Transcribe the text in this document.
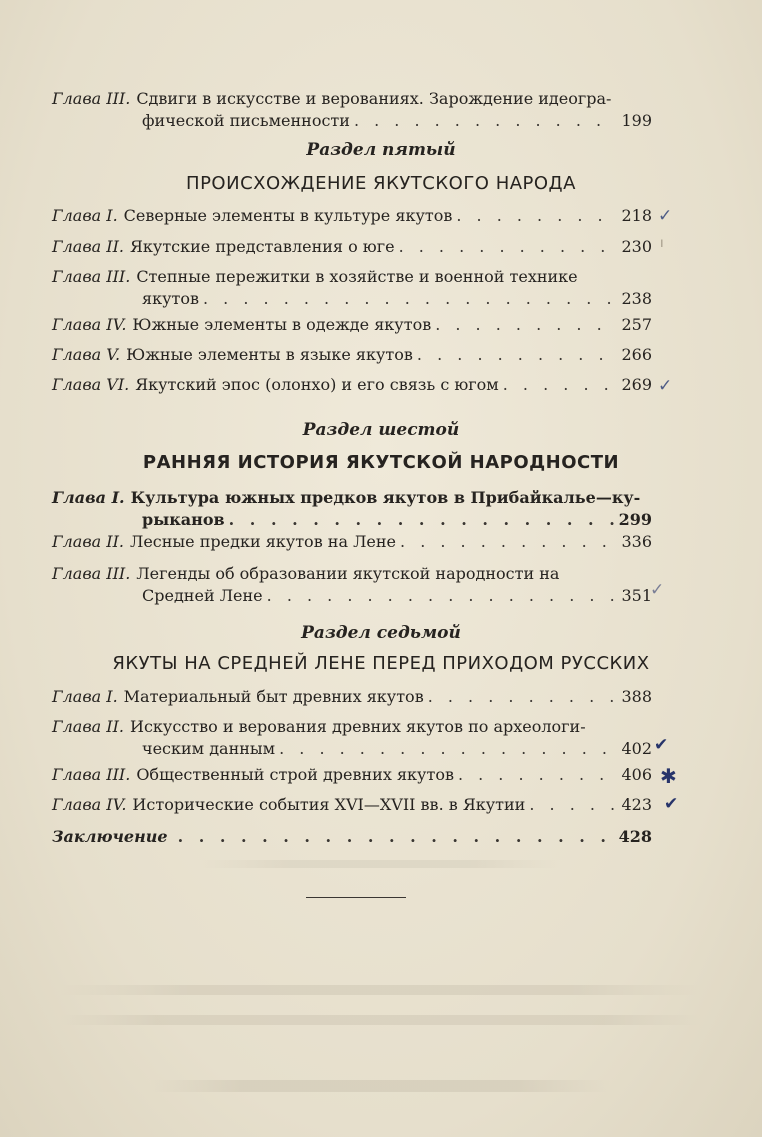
Глава III. Сдвиги в искусстве и верованиях. Зарождение идеогра-
фической письменности . . .	199
Раздел пятый
ПРОИСХОЖДЕНИЕ ЯКУТСКОГО НАРОДА
Глава I. Северные элементы в культуре якутов . . .	218
Глава II. Якутские представления о юге . . .	230
Глава III. Степные пережитки в хозяйстве и военной технике
якутов . . .	238
Глава IV. Южные элементы в одежде якутов . . .	257
Глава V. Южные элементы в языке якутов . . .	266
Глава VI. Якутский эпос (олонхо) и его связь с югом . . .	269
Раздел шестой
РАННЯЯ ИСТОРИЯ ЯКУТСКОЙ НАРОДНОСТИ
Глава I. Культура южных предков якутов в Прибайкалье—ку-
рыканов . . .	299
Глава II. Лесные предки якутов на Лене . . .	336
Глава III. Легенды об образовании якутской народности на
Средней Лене . . .	351
Раздел седьмой
ЯКУТЫ НА СРЕДНЕЙ ЛЕНЕ ПЕРЕД ПРИХОДОМ РУССКИХ
Глава I. Материальный быт древних якутов . . .	388
Глава II. Искусство и верования древних якутов по археологи-
ческим данным . . .	402
Глава III. Общественный строй древних якутов . . .	406
Глава IV. Исторические события XVI—XVII вв. в Якутии . . .	423
Заключение . . .	428
✓
ı
✓
✓
✔
✱
✔
